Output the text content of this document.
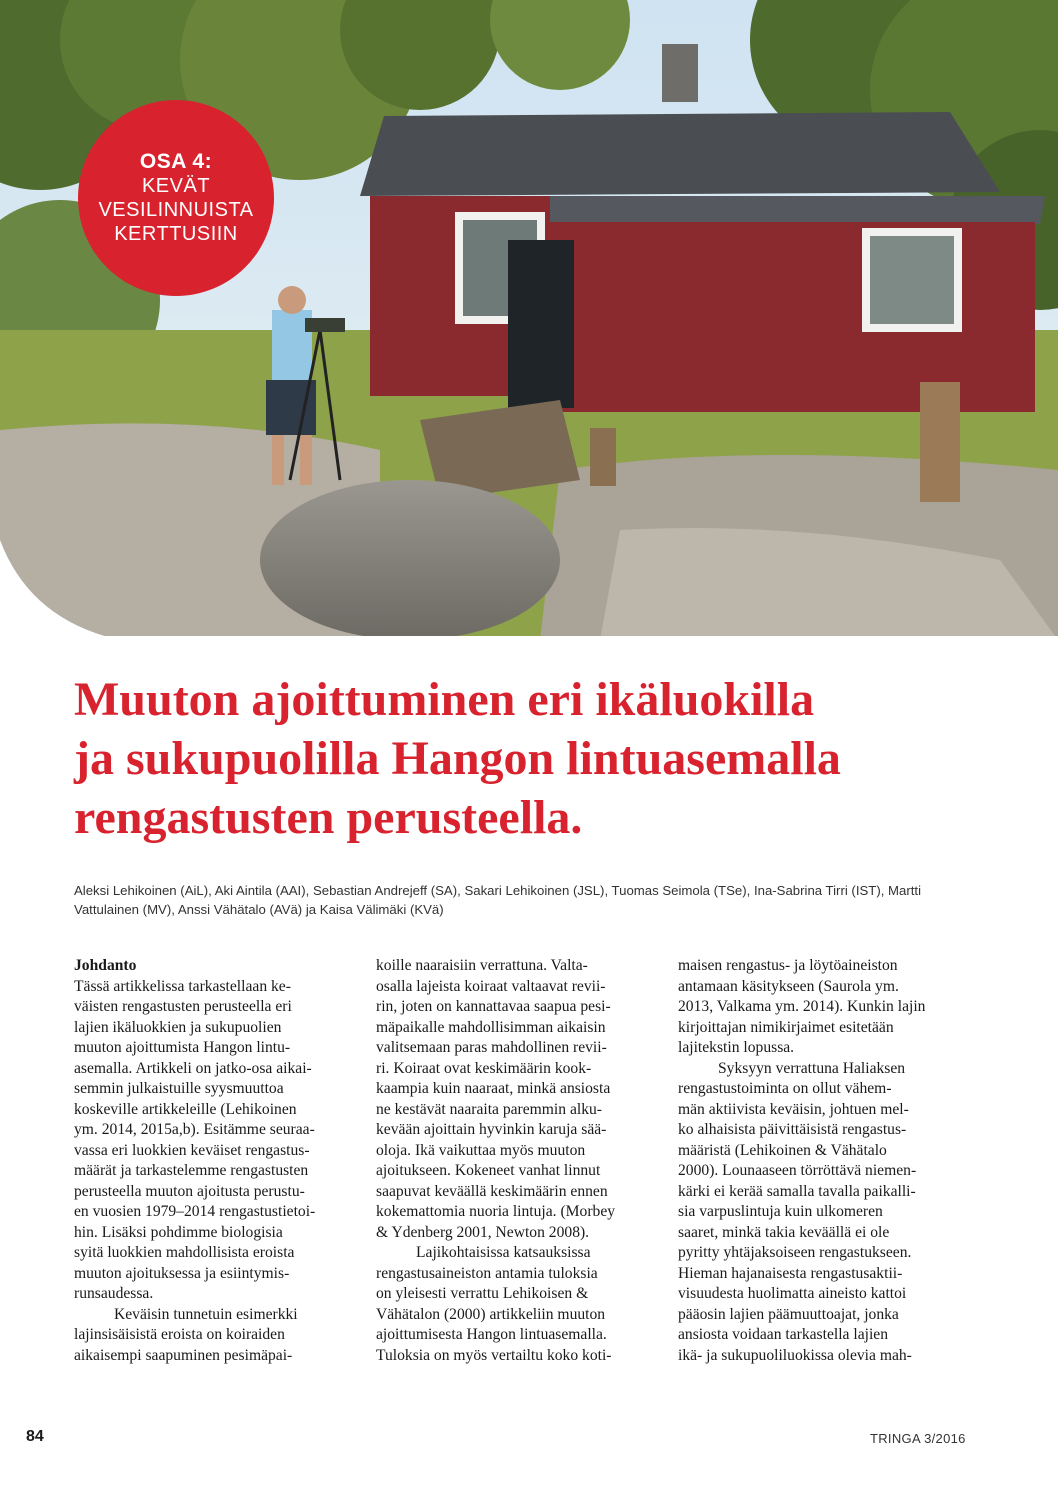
OSA 4:
KEVÄT
VESILINNUISTA
KERTTUSIIN
Muuton ajoittuminen eri ikäluokilla
ja sukupuolilla Hangon lintuasemalla
rengastusten perusteella.

Aleksi Lehikoinen (AiL), Aki Aintila (AAI), Sebastian Andrejeff (SA), Sakari Lehikoinen (JSL), Tuomas Seimola (TSe), Ina-Sabrina Tirri (IST), Martti
Vattulainen (MV), Anssi Vähätalo (AVä) ja Kaisa Välimäki (KVä)

Johdanto

Tässä artikkelissa tarkastellaan ke-

väisten rengastusten perusteella eri

lajien ikäluokkien ja sukupuolien

muuton ajoittumista Hangon lintu-

asemalla. Artikkeli on jatko-osa aikai-

semmin julkaistuille syysmuuttoa

koskeville artikkeleille (Lehikoinen

ym. 2014, 2015a,b). Esitämme seuraa-

vassa eri luokkien keväiset rengastus-

määrät ja tarkastelemme rengastusten

perusteella muuton ajoitusta perustu-

en vuosien 1979–2014 rengastustietoi-

hin. Lisäksi pohdimme biologisia

syitä luokkien mahdollisista eroista

muuton ajoituksessa ja esiintymis-

runsaudessa.

Keväisin tunnetuin esimerkki

lajinsisäisistä eroista on koiraiden

aikaisempi saapuminen pesimäpai-

koille naaraisiin verrattuna. Valta-

osalla lajeista koiraat valtaavat revii-

rin, joten on kannattavaa saapua pesi-

mäpaikalle mahdollisimman aikaisin

valitsemaan paras mahdollinen revii-

ri. Koiraat ovat keskimäärin kook-

kaampia kuin naaraat, minkä ansiosta

ne kestävät naaraita paremmin alku-

kevään ajoittain hyvinkin karuja sää-

oloja. Ikä vaikuttaa myös muuton

ajoitukseen. Kokeneet vanhat linnut

saapuvat keväällä keskimäärin ennen

kokemattomia nuoria lintuja. (Morbey

& Ydenberg 2001, Newton 2008).

Lajikohtaisissa katsauksissa

rengastusaineiston antamia tuloksia

on yleisesti verrattu Lehikoisen &

Vähätalon (2000) artikkeliin muuton

ajoittumisesta Hangon lintuasemalla.

Tuloksia on myös vertailtu koko koti-

maisen rengastus- ja löytöaineiston

antamaan käsitykseen (Saurola ym.

2013, Valkama ym. 2014). Kunkin lajin

kirjoittajan nimikirjaimet esitetään

lajitekstin lopussa.

Syksyyn verrattuna Haliaksen

rengastustoiminta on ollut vähem-

män aktiivista keväisin, johtuen mel-

ko alhaisista päivittäisistä rengastus-

määristä (Lehikoinen & Vähätalo

2000). Lounaaseen törröttävä niemen-

kärki ei kerää samalla tavalla paikalli-

sia varpuslintuja kuin ulkomeren

saaret, minkä takia keväällä ei ole

pyritty yhtäjaksoiseen rengastukseen.

Hieman hajanaisesta rengastusaktii-

visuudesta huolimatta aineisto kattoi

pääosin lajien päämuuttoajat, jonka

ansiosta voidaan tarkastella lajien

ikä- ja sukupuoliluokissa olevia mah-

84	TRINGA 3/2016
